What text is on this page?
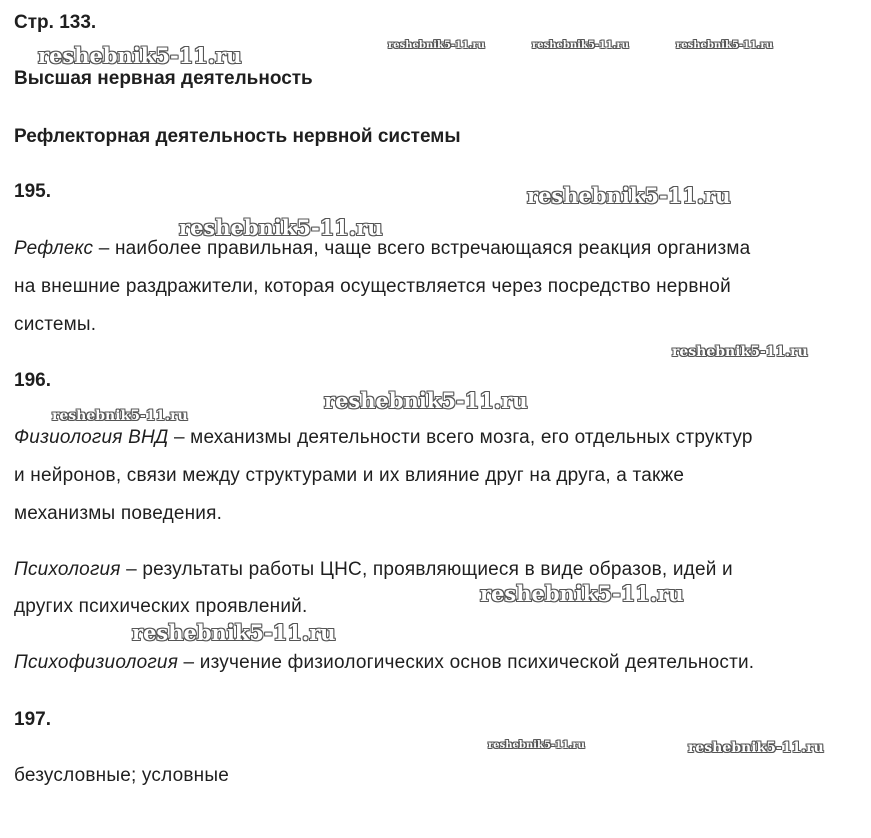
reshebnik5-11.ru	reshebnik5-11.ru	reshebnik5-11.ru	reshebnik5-11.ru
reshebnik5-11.ru
reshebnik5-11.ru
reshebnik5-11.ru
reshebnik5-11.ru
reshebnik5-11.ru
reshebnik5-11.ru
reshebnik5-11.ru
reshebnik5-11.ru	reshebnik5-11.ru
Стр. 133.
Высшая нервная деятельность
Рефлекторная деятельность нервной системы
195.
Рефлекс – наиболее правильная, чаще всего встречающаяся реакция организма
на внешние раздражители, которая осуществляется через посредство нервной
системы.
196.
Физиология ВНД – механизмы деятельности всего мозга, его отдельных структур
и нейронов, связи между структурами и их влияние друг на друга, а также
механизмы поведения.
Психология – результаты работы ЦНС, проявляющиеся в виде образов, идей и
других психических проявлений.
Психофизиология – изучение физиологических основ психической деятельности.
197.
безусловные; условные
